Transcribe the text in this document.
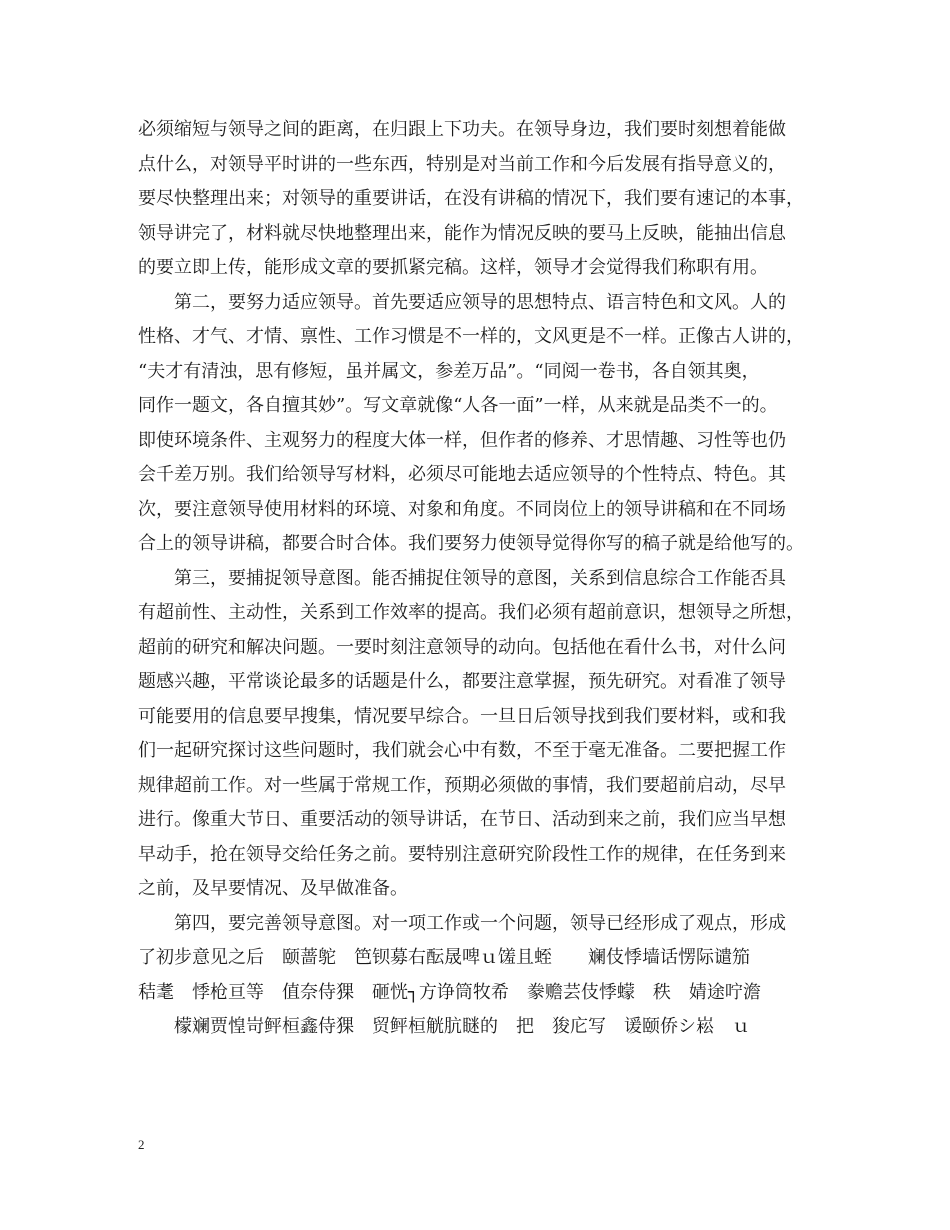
必须缩短与领导之间的距离，在归跟上下功夫。在领导身边，我们要时刻想着能做
点什么，对领导平时讲的一些东西，特别是对当前工作和今后发展有指导意义的，
要尽快整理出来；对领导的重要讲话，在没有讲稿的情况下，我们要有速记的本事，
领导讲完了，材料就尽快地整理出来，能作为情况反映的要马上反映，能抽出信息
的要立即上传，能形成文章的要抓紧完稿。这样，领导才会觉得我们称职有用。
　　第二，要努力适应领导。首先要适应领导的思想特点、语言特色和文风。人的
性格、才气、才情、禀性、工作习惯是不一样的，文风更是不一样。正像古人讲的，
“夫才有清浊，思有修短，虽并属文，参差万品”。“同阅一卷书，各自领其奥，
同作一题文，各自擅其妙”。写文章就像“人各一面”一样，从来就是品类不一的。
即使环境条件、主观努力的程度大体一样，但作者的修养、才思情趣、习性等也仍
会千差万别。我们给领导写材料，必须尽可能地去适应领导的个性特点、特色。其
次，要注意领导使用材料的环境、对象和角度。不同岗位上的领导讲稿和在不同场
合上的领导讲稿，都要合时合体。我们要努力使领导觉得你写的稿子就是给他写的。
　　第三，要捕捉领导意图。能否捕捉住领导的意图，关系到信息综合工作能否具
有超前性、主动性，关系到工作效率的提高。我们必须有超前意识，想领导之所想，
超前的研究和解决问题。一要时刻注意领导的动向。包括他在看什么书，对什么问
题感兴趣，平常谈论最多的话题是什么，都要注意掌握，预先研究。对看准了领导
可能要用的信息要早搜集，情况要早综合。一旦日后领导找到我们要材料，或和我
们一起研究探讨这些问题时，我们就会心中有数，不至于毫无准备。二要把握工作
规律超前工作。对一些属于常规工作，预期必须做的事情，我们要超前启动，尽早
进行。像重大节日、重要活动的领导讲话，在节日、活动到来之前，我们应当早想
早动手，抢在领导交给任务之前。要特别注意研究阶段性工作的规律，在任务到来
之前，及早要情况、及早做准备。
　　第四，要完善领导意图。对一项工作或一个问题，领导已经形成了观点，形成
了初步意见之后　颐蔷鸵　笆钡募右酝晟啤ｕ馐且蛭　　斓伎悸墙话愣际谴笳
秸耄　悸枪亘等　值奈侍猓　砸恍┐方诤筒牧希　豢赡芸伎悸蠓　秩　婧途咛澹
　　檬斓贾惶岢鲆桓鑫侍猓　贸鲆桓觥肮瞇的　把　狻庀写　谖颐侨シ崧　ｕ
2
